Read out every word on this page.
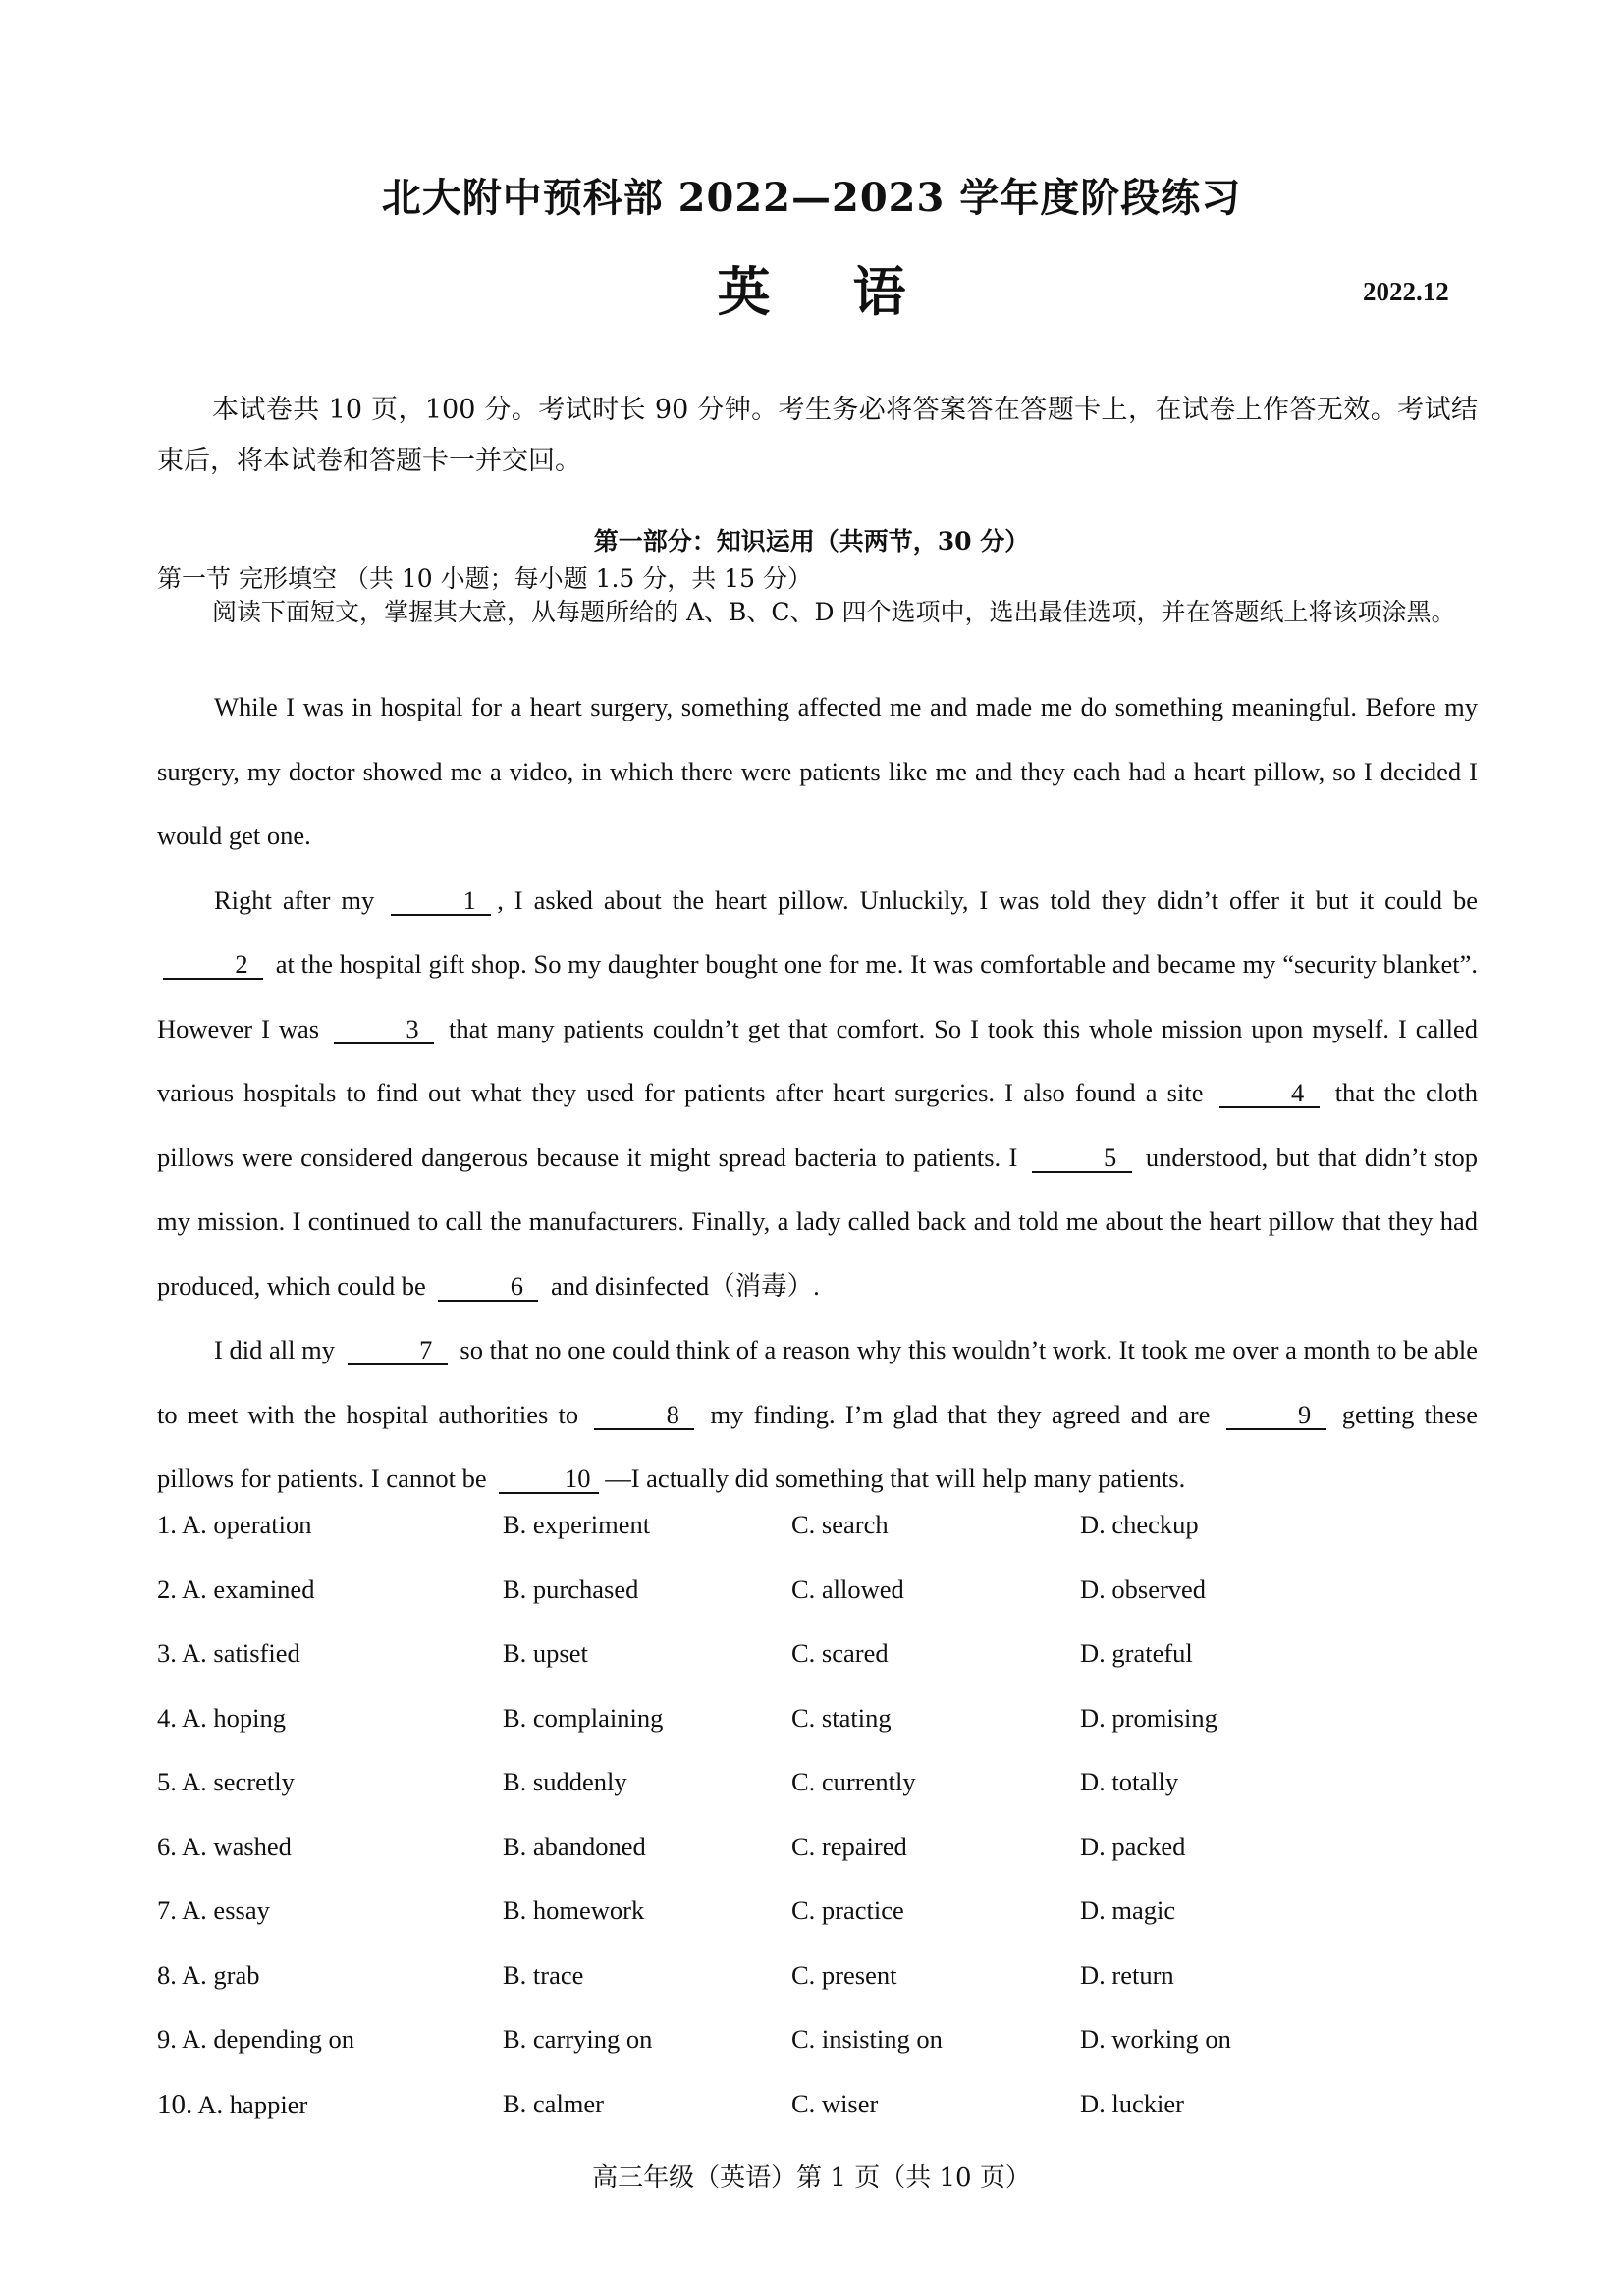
北大附中预科部 2022—2023 学年度阶段练习
英 语	2022.12
本试卷共 10 页，100 分。考试时长 90 分钟。考生务必将答案答在答题卡上，在试卷上作答无效。考试结束后，将本试卷和答题卡一并交回。
第一部分：知识运用（共两节，30 分）
第一节 完形填空 （共 10 小题；每小题 1.5 分，共 15 分）
阅读下面短文，掌握其大意，从每题所给的 A、B、C、D 四个选项中，选出最佳选项，并在答题纸上将该项涂黑。

While I was in hospital for a heart surgery, something affected me and made me do something meaningful. Before my surgery, my doctor showed me a video, in which there were patients like me and they each had a heart pillow, so I decided I would get one.

Right after my	1 , I asked about the heart pillow. Unluckily, I was told they didn’t offer it but it could be 2 at the hospital gift shop. So my daughter bought one for me. It was comfortable and became my “security blanket”. However I was	3 that many patients couldn’t get that comfort. So I took this whole mission upon myself. I called various hospitals to find out what they used for patients after heart surgeries. I also found a site	4 that the cloth pillows were considered dangerous because it might spread bacteria to patients. I	5 understood, but that didn’t stop my mission. I continued to call the manufacturers. Finally, a lady called back and told me about the heart pillow that they had produced, which could be	6 and disinfected（消毒）.

I did all my	7 so that no one could think of a reason why this wouldn’t work. It took me over a month to be able to meet with the hospital authorities to	8 my finding. I’m glad that they agreed and are	9 getting these pillows for patients. I cannot be	10 —I actually did something that will help many patients.

1. A. operation	B. experiment	C. search	D. checkup
2. A. examined	B. purchased	C. allowed	D. observed
3. A. satisfied	B. upset	C. scared	D. grateful
4. A. hoping	B. complaining	C. stating	D. promising
5. A. secretly	B. suddenly	C. currently	D. totally
6. A. washed	B. abandoned	C. repaired	D. packed
7. A. essay	B. homework	C. practice	D. magic
8. A. grab	B. trace	C. present	D. return
9. A. depending on	B. carrying on	C. insisting on	D. working on
10. A. happier	B. calmer	C. wiser	D. luckier
高三年级（英语）第 1 页（共 10 页）
